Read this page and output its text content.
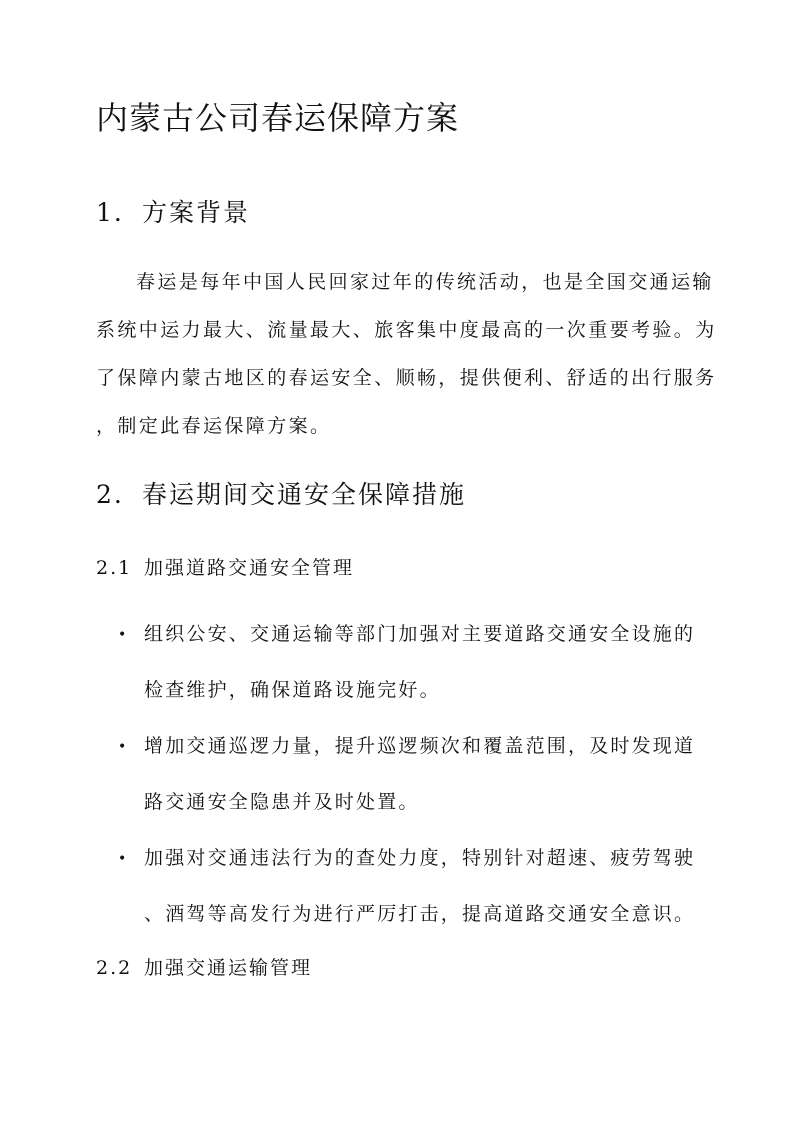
内蒙古公司春运保障方案
1. 方案背景
春运是每年中国人民回家过年的传统活动，也是全国交通运输
系统中运力最大、流量最大、旅客集中度最高的一次重要考验。为
了保障内蒙古地区的春运安全、顺畅，提供便利、舒适的出行服务
，制定此春运保障方案。
2. 春运期间交通安全保障措施
2.1 加强道路交通安全管理
• 组织公安、交通运输等部门加强对主要道路交通安全设施的
检查维护，确保道路设施完好。
• 增加交通巡逻力量，提升巡逻频次和覆盖范围，及时发现道
路交通安全隐患并及时处置。
• 加强对交通违法行为的查处力度，特别针对超速、疲劳驾驶
、酒驾等高发行为进行严厉打击，提高道路交通安全意识。
2.2 加强交通运输管理
